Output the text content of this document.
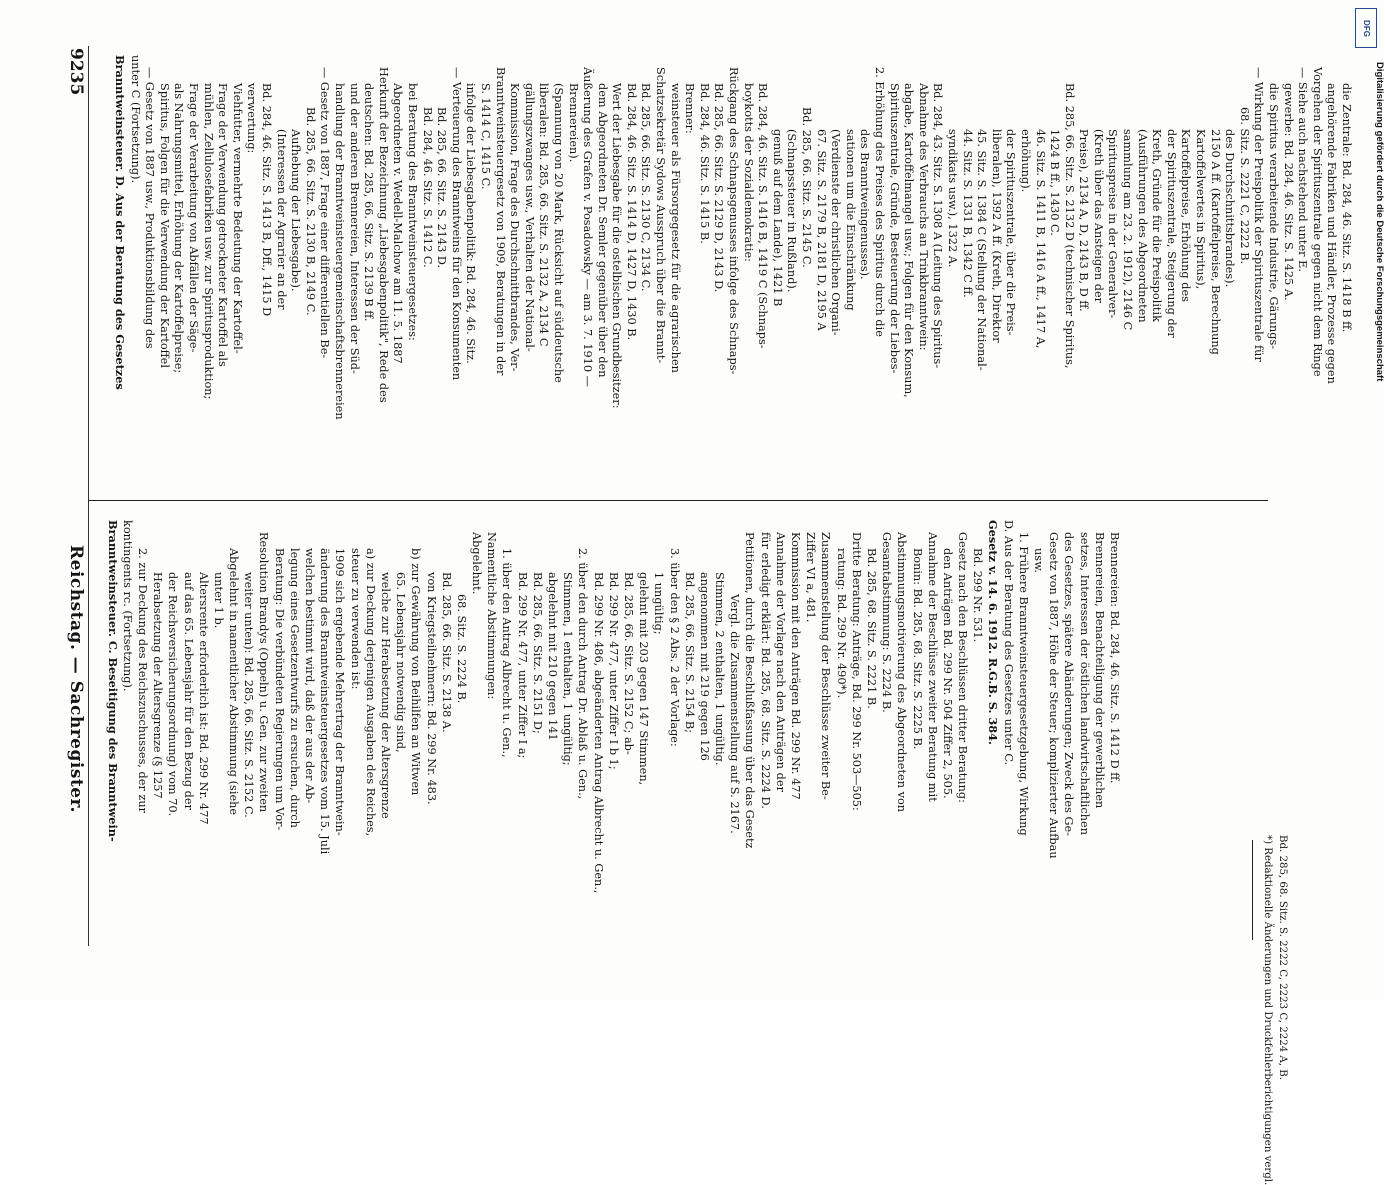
Reichstag. — Sachregister.
9235

Branntweinsteuer. C. Beseitigung des Branntwein- kontingents rc. (Fortsetzung). 2. zur Deckung des Reichszuschusses, der zur Herabsetzung der Altersgrenze (§ 1257 der Reichsversicherungsordnung) vom 70. auf das 65. Lebensjahr für den Bezug der Altersrente erforderlich ist: Bd. 299 Nr. 477 unter 1 b. Abgelehnt in namentlicher Abstimmung (siehe weiter unten): Bd. 285, 66. Sitz. S. 2152 C. Resolution Brandys (Oppeln) u. Gen. zur zweiten Beratung: Die verbündeten Regierungen um Vor- legung eines Gesetzentwurfs zu ersuchen, durch welchen bestimmt wird, daß der aus der Ab- änderung des Branntweinsteuergesetzes vom 15. Juli 1909 sich ergebende Mehrertrag der Branntwein- steuer zu verwenden ist: a) zur Deckung derjenigen Ausgaben des Reiches, welche zur Herabsetzung der Altersgrenze 65. Lebensjahr notwendig sind, b) zur Gewährung von Beihilfen an Witwen von Kriegsteilnehmern: Bd. 299 Nr. 483. Bd. 285, 66. Sitz. S. 2138 A. 68. Sitz. S. 2224 B.

Abgelehnt. Namentliche Abstimmungen: 1. über den Antrag Albrecht u. Gen., Bd. 299 Nr. 477, unter Ziffer I a; Bd. 285, 66. Sitz. S. 2151 D; abgelehnt mit 210 gegen 141 Stimmen, 1 enthalten, 1 ungültig; 2. über den durch Antrag Dr. Ablaß u. Gen., Bd. 299 Nr. 486, abgeänderten Antrag Albrecht u. Gen., Bd. 299 Nr. 477, unter Ziffer I b 1; Bd. 285, 66. Sitz. S. 2152 C; ab- gelehnt mit 203 gegen 147 Stimmen, 1 ungültig; 3. über den § 2 Abs. 2 der Vorlage: Bd. 285, 66. Sitz. S. 2154 B; angenommen mit 219 gegen 126 Stimmen, 2 enthalten, 1 ungültig. Vergl. die Zusammenstellung auf S. 2167. Petitionen, durch die Beschlußfassung über das Gesetz für erledigt erklärt: Bd. 285, 68. Sitz. S. 2224 D. Annahme der Vorlage nach den Anträgen der Kommission mit den Anträgen Bd. 299 Nr. 477 Ziffer VI a, 481. Zusammenstellung der Beschlüsse zweiter Be- ratung: Bd. 299 Nr. 490*). Dritte Beratung: Anträge, Bd. 299 Nr. 503—505: Bd. 285, 68. Sitz. S. 2221 B. Gesamtabstimmung: S. 2224 B. Abstimmungsmotivierung des Abgeordneten von Bonin: Bd. 285, 68. Sitz. S. 2225 B. Annahme der Beschlüsse zweiter Beratung mit den Anträgen Bd. 299 Nr. 504 Ziffer 2, 505. Gesetz nach den Beschlüssen dritter Beratung: Bd. 299 Nr. 531. Gesetz v. 14. 6. 1912. R.G.B. S. 384. D. Aus der Beratung des Gesetzes unter C. 1. Frühere Branntweinsteuergesetzgebung, Wirkung usw. Gesetz von 1887, Höhe der Steuer; komplizierter Aufbau des Gesetzes, spätere Abänderungen; Zweck des Ge- setzes, Interessen der östlichen landwirtschaftlichen Brennereien, Benachteiligung der gewerblichen Brennereien: Bd. 284, 46. Sitz. S. 1412 D ff.

Branntweinsteuer. D. Aus der Beratung des Gesetzes unter C (Fortsetzung). — Gesetz von 1887 usw., Produktionsbildung des Spiritus, Folgen für die Verwendung der Kartoffel als Nahrungsmittel, Erhöhung der Kartoffelpreise; Frage der Verarbeitung von Abfällen der Säge- mühlen, Zellulosefabriken usw. zur Spiritusproduktion; Frage der Verwendung getrockneter Kartoffel als Viehfutter, vermehrte Bedeutung der Kartoffel- verwertung: Bd. 284, 46. Sitz. S. 1413 B, Dff., 1415 D (Interessen der Agrarier an der Aufhebung der Liebesgabe). Bd. 285, 66. Sitz. S. 2130 B, 2149 C. — Gesetz von 1887, Frage einer differentiellen Be- handlung der Branntweinsteuergemeinschaftsbrennereien und der anderen Brennereien, Interessen der Süd- deutschen: Bd. 285, 66. Sitz. S. 2139 B ff. Herkunft der Bezeichnung „Liebesgabenpolitik", Rede des Abgeordneten v. Wedell-Malchow am 11. 5. 1887 bei Beratung des Branntweinsteuergesetzes: Bd. 284, 46. Sitz. S. 1412 C. Bd. 285, 66. Sitz. S. 2143 D. — Verteuerung des Branntweins für den Konsumenten infolge der Liebesgabenpolitik: Bd. 284, 46. Sitz. S. 1414 C, 1415 C. Branntweinsteuergesetz von 1909, Beratungen in der Kommission, Frage des Durchschnittbrandes, Ver- gällungszwanges usw., Verhalten der National- liberalen: Bd. 285, 66. Sitz. S. 2132 A, 2134 C (Spannung von 20 Mark, Rücksicht auf süddeutsche Brennereien). Äußerung des Grafen v. Posadowsky — am 3. 7. 1910 — dem Abgeordneten Dr. Semler gegenüber über den Wert der Liebesgabe für die ostelbischen Grundbesitzer: Bd. 284, 46. Sitz. S. 1414 D, 1427 D, 1430 B. Bd. 285, 66. Sitz. S. 2130 C, 2134 C. Schatzsekretär Sydows Ausspruch über die Brannt- weinsteuer als Fürsorgegesetz für die agrarischen Brenner: Bd. 284, 46. Sitz. S. 1415 B. Bd. 285, 66. Sitz. S. 2129 D, 2143 D. Rückgang des Schnapsgenusses infolge des Schnaps- boykotts der Sozialdemokratie: Bd. 284, 46. Sitz. S. 1416 B, 1419 C (Schnaps- genuß auf dem Lande), 1421 B (Schnapssteuer in Rußland). Bd. 285, 66. Sitz. S. 2145 C. 67. Sitz. S. 2179 B, 2181 D, 2195 A (Verdienste der christlichen Organi- sationen um die Einschränkung des Branntweingenusses). 2. Erhöhung des Preises des Spiritus durch die Spirituszentrale, Gründe, Besteuerung der Liebes- abgabe, Kartoffelmangel usw.; Folgen für den Konsum, Abnahme des Verbrauchs an Trinkbranntwein: Bd. 284, 43. Sitz. S. 1308 A (Leitung des Spiritus- syndikats usw.), 1322 A. 44. Sitz. S. 1331 B, 1342 C ff. 45. Sitz. S. 1384 C (Stellung der National- liberalen), 1392 A ff. (Kreth, Direktor der Spirituszentrale, über die Preis- erhöhung). 46. Sitz. S. 1411 B, 1416 A ff., 1417 A, 1424 B ff., 1430 C. Bd. 285, 66. Sitz. S. 2132 D (technischer Spiritus, Preise), 2134 A, D, 2143 B, D ff. (Kreth über das Ansteigen der Spirituspreise in der Generalver- sammlung am 23. 2. 1912), 2146 C (Ausführungen des Abgeordneten Kreth, Gründe für die Preispolitik der Spirituszentrale, Steigerung der Kartoffelpreise, Erhöhung des Kartoffelwertes in Spiritus), 2150 A ff. (Kartoffelpreise, Berechnung des Durchschnittsbrandes). 68. Sitz. S. 2221 C, 2222 B. — Wirkung der Preispolitik der Spirituszentrale für die Spiritus verarbeitende Industrie, Gärungs- gewerbe: Bd. 284, 46. Sitz. S. 1425 A. — Siehe auch nachstehend unter E. Vorgehen der Spirituszentrale gegen nicht dem Ringe angehörende Fabriken und Händler, Prozesse gegen die Zentrale: Bd. 284, 46. Sitz. S. 1418 B ff.

*) Redaktionelle Änderungen und Druckfehlerberichtigungen vergl. Bd. 285, 68. Sitz. S. 2222 C, 2223 C, 2224 A, B.

Digitalisierung gefördert durch die Deutsche Forschungsgemeinschaft
DFG
